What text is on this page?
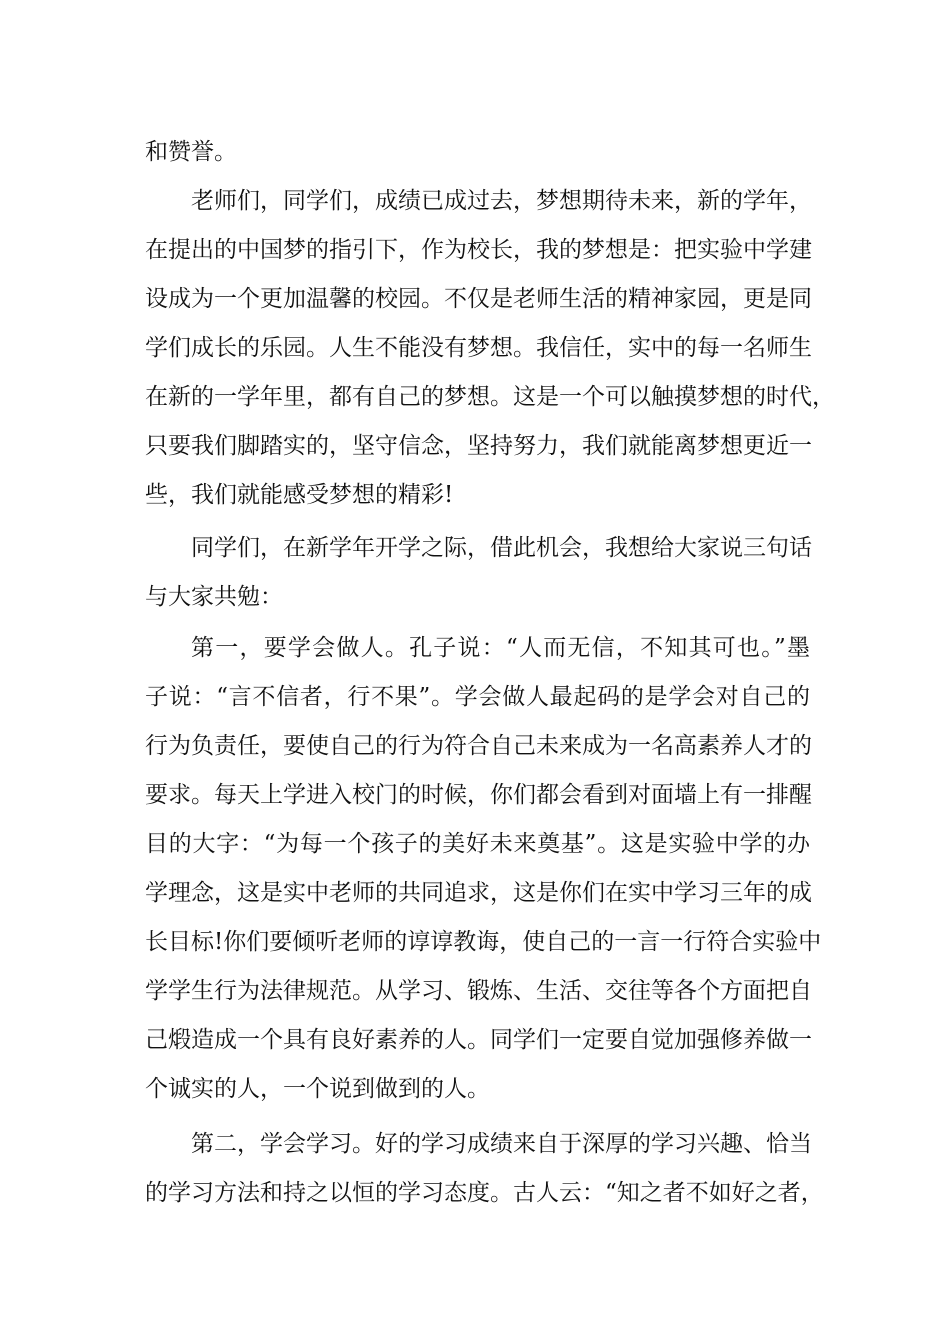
和赞誉。
老师们，同学们，成绩已成过去，梦想期待未来，新的学年，
在提出的中国梦的指引下，作为校长，我的梦想是：把实验中学建
设成为一个更加温馨的校园。不仅是老师生活的精神家园，更是同
学们成长的乐园。人生不能没有梦想。我信任，实中的每一名师生
在新的一学年里，都有自己的梦想。这是一个可以触摸梦想的时代，
只要我们脚踏实的，坚守信念，坚持努力，我们就能离梦想更近一
些，我们就能感受梦想的精彩!
同学们，在新学年开学之际，借此机会，我想给大家说三句话
与大家共勉：
第一，要学会做人。孔子说：“人而无信，不知其可也。”墨
子说：“言不信者，行不果”。学会做人最起码的是学会对自己的
行为负责任，要使自己的行为符合自己未来成为一名高素养人才的
要求。每天上学进入校门的时候，你们都会看到对面墙上有一排醒
目的大字：“为每一个孩子的美好未来奠基”。这是实验中学的办
学理念，这是实中老师的共同追求，这是你们在实中学习三年的成
长目标!你们要倾听老师的谆谆教诲，使自己的一言一行符合实验中
学学生行为法律规范。从学习、锻炼、生活、交往等各个方面把自
己煅造成一个具有良好素养的人。同学们一定要自觉加强修养做一
个诚实的人，一个说到做到的人。
第二，学会学习。好的学习成绩来自于深厚的学习兴趣、恰当
的学习方法和持之以恒的学习态度。古人云：“知之者不如好之者，
